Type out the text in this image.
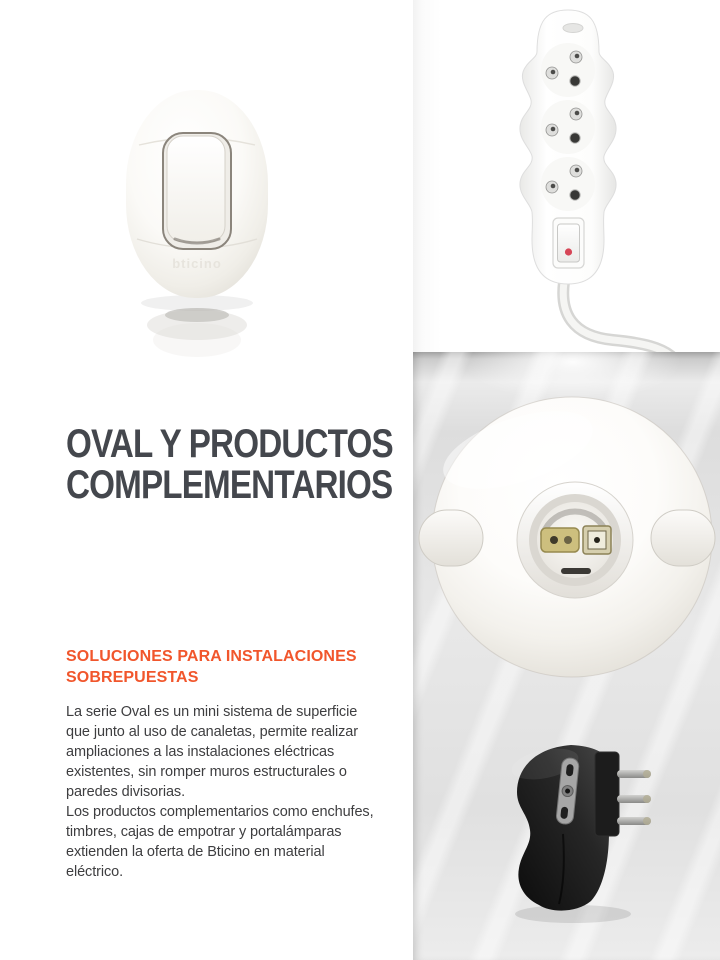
bticino
OVAL Y PRODUCTOS
COMPLEMENTARIOS
SOLUCIONES PARA INSTALACIONES
SOBREPUESTAS

La serie Oval es un mini sistema de superficie que junto al uso de canaletas, permite realizar ampliaciones a las instalaciones eléctricas existentes, sin romper muros estructurales o paredes divisorias.

Los productos complementarios como enchufes, timbres, cajas de empotrar y portalámparas extienden la oferta de Bticino en material eléctrico.
